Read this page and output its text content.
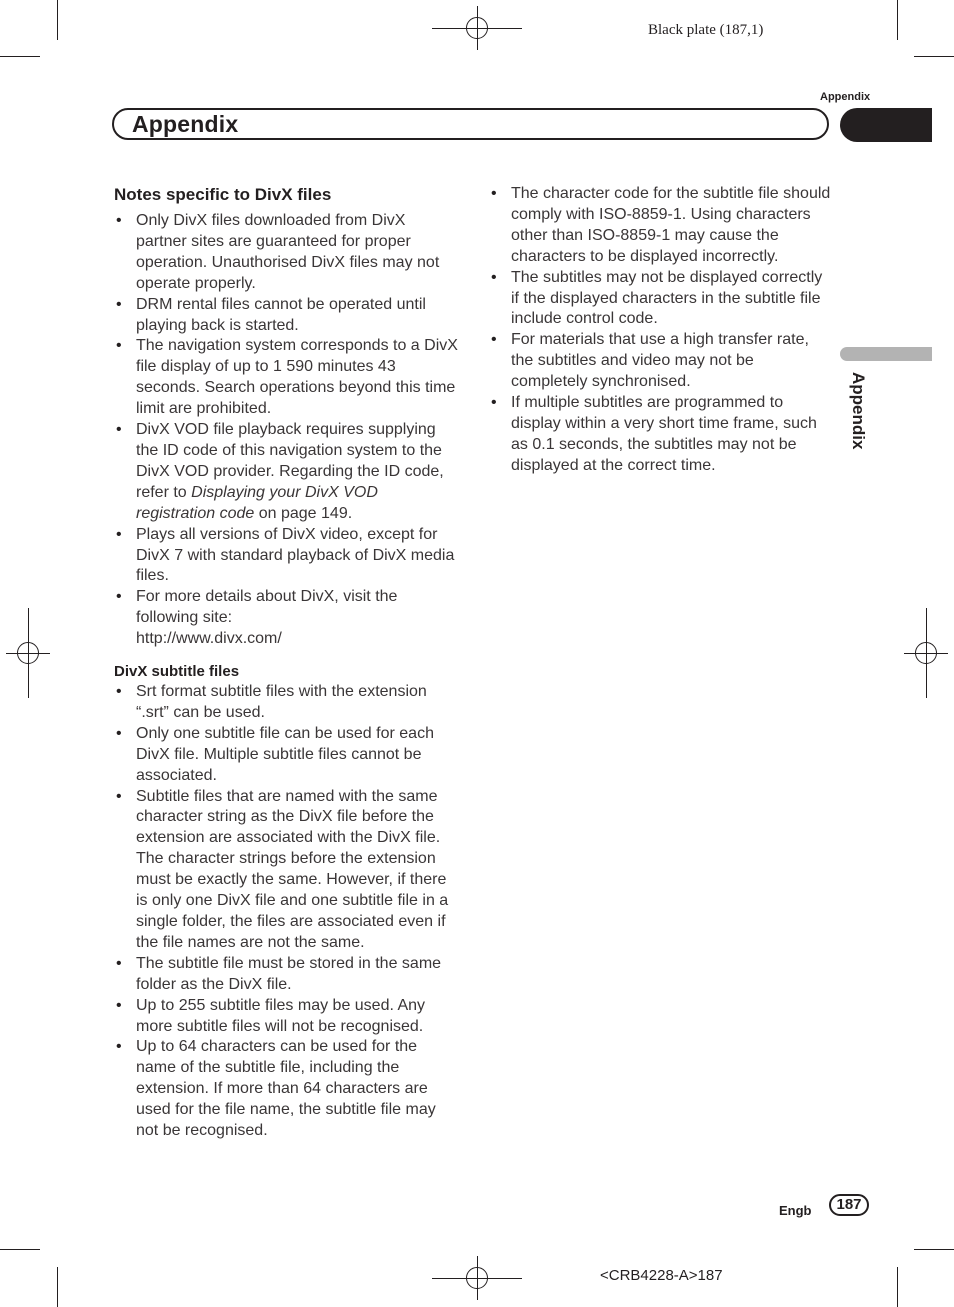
Black plate (187,1)
Appendix
Appendix
Appendix
Notes specific to DivX files
• Only DivX files downloaded from DivX partner sites are guaranteed for proper operation. Unauthorised DivX files may not operate properly.
• DRM rental files cannot be operated until playing back is started.
• The navigation system corresponds to a DivX file display of up to 1 590 minutes 43 seconds. Search operations beyond this time limit are prohibited.
• DivX VOD file playback requires supplying the ID code of this navigation system to the DivX VOD provider. Regarding the ID code, refer to Displaying your DivX VOD registration code on page 149.
• Plays all versions of DivX video, except for DivX 7 with standard playback of DivX media files.
• For more details about DivX, visit the following site:
http://www.divx.com/
DivX subtitle files
• Srt format subtitle files with the extension “.srt” can be used.
• Only one subtitle file can be used for each DivX file. Multiple subtitle files cannot be associated.
• Subtitle files that are named with the same character string as the DivX file before the extension are associated with the DivX file. The character strings before the extension must be exactly the same. However, if there is only one DivX file and one subtitle file in a single folder, the files are associated even if the file names are not the same.
• The subtitle file must be stored in the same folder as the DivX file.
• Up to 255 subtitle files may be used. Any more subtitle files will not be recognised.
• Up to 64 characters can be used for the name of the subtitle file, including the extension. If more than 64 characters are used for the file name, the subtitle file may not be recognised.
• The character code for the subtitle file should comply with ISO-8859-1. Using characters other than ISO-8859-1 may cause the characters to be displayed incorrectly.
• The subtitles may not be displayed correctly if the displayed characters in the subtitle file include control code.
• For materials that use a high transfer rate, the subtitles and video may not be completely synchronised.
• If multiple subtitles are programmed to display within a very short time frame, such as 0.1 seconds, the subtitles may not be displayed at the correct time.
Engb	187
<CRB4228-A>187
